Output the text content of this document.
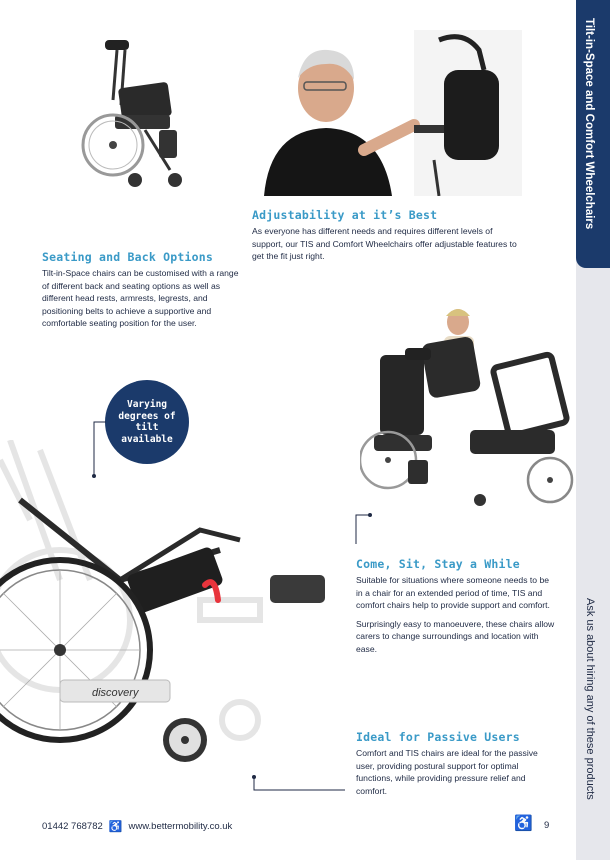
Tilt-in-Space and Comfort Wheelchairs
Ask us about hiring any of these products

Adjustability at it’s Best

As everyone has different needs and requires different levels of support, our TIS and Comfort Wheelchairs offer adjustable features to get the fit just right.

Seating and Back Options

Tilt-in-Space chairs can be customised with a range of different back and seating options as well as different head rests, armrests, legrests, and positioning belts to achieve a supportive and comfortable seating position for the user.

Varying degrees of tilt available
discovery

Come, Sit, Stay a While

Suitable for situations where someone needs to be in a chair for an extended period of time, TIS and comfort chairs help to provide support and comfort.

Surprisingly easy to manoeuvere, these chairs allow carers to change surroundings and location with ease.

Ideal for Passive Users

Comfort and TIS chairs are ideal for the passive user, providing postural support for optimal functions, while providing pressure relief and comfort.

01442 768782 ♿ www.bettermobility.co.uk	♿ 9
